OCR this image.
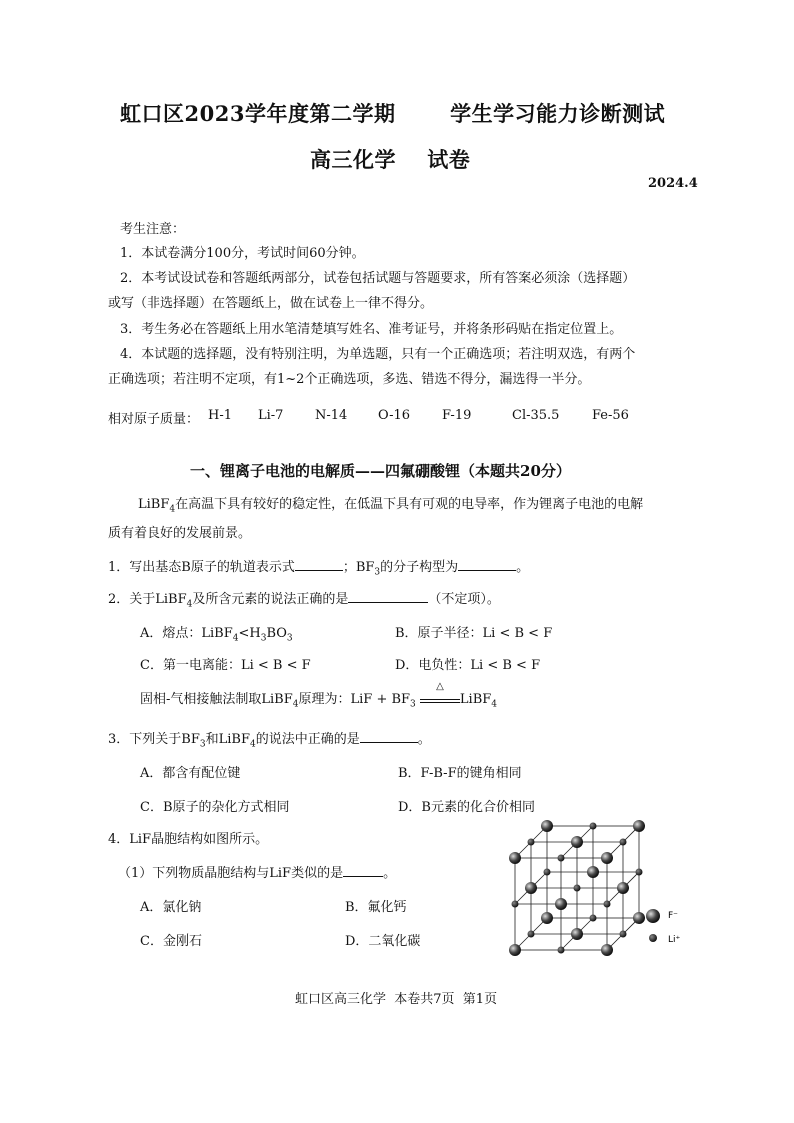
虹口区2023学年度第二学期       学生学习能力诊断测试
高三化学    试卷
2024.4
考生注意：
1．本试卷满分100分，考试时间60分钟。
2．本考试设试卷和答题纸两部分，试卷包括试题与答题要求，所有答案必须涂（选择题）
或写（非选择题）在答题纸上，做在试卷上一律不得分。
3．考生务必在答题纸上用水笔清楚填写姓名、准考证号，并将条形码贴在指定位置上。
4．本试题的选择题，没有特别注明，为单选题，只有一个正确选项；若注明双选，有两个
正确选项；若注明不定项，有1~2个正确选项，多选、错选不得分，漏选得一半分。
相对原子质量： H-1 Li-7 N-14 O-16 F-19	Cl-35.5	Fe-56
一、锂离子电池的电解质——四氟硼酸锂（本题共20分）
LiBF$_4$在高温下具有较好的稳定性，在低温下具有可观的电导率，作为锂离子电池的电解
质有着良好的发展前景。
1．写出基态B原子的轨道表示式	；$BF_3$的分子构型为	。
2．关于LiBF$_4$及所含元素的说法正确的是	（不定项）。
A．熔点：$LiBF_4<H_3BO_3$	B．原子半径：Li < B < F
C．第一电离能：Li < B < F	D．电负性：Li < B < F
固相-气相接触法制取LiBF$_4$原理为：LiF + $BF_3$
△
LiBF$_4$
3．下列关于$BF_3$和LiBF$_4$的说法中正确的是	。
A．都含有配位键	B．F-B-F的键角相同
C．B原子的杂化方式相同	D．B元素的化合价相同
4．LiF晶胞结构如图所示。
（1）下列物质晶胞结构与LiF类似的是	。
A．氯化钠	B．氟化钙
C．金刚石	D．二氧化碳
F⁻
Li⁺
虹口区高三化学  本卷共7页  第1页
